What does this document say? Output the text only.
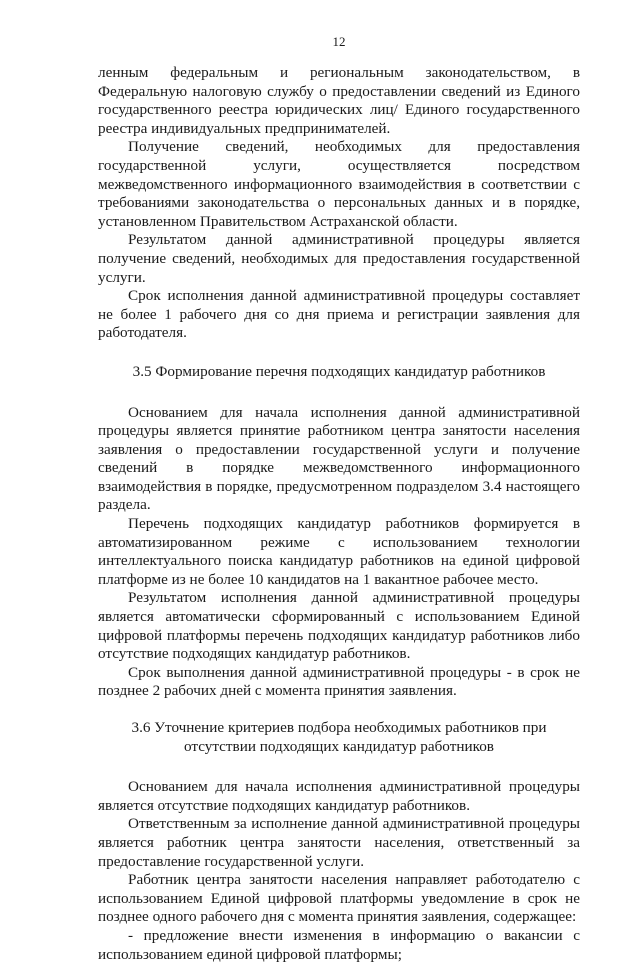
12

ленным федеральным и региональным законодательством, в Федеральную налоговую службу о предоставлении сведений из Единого государственного реестра юридических лиц/ Единого государственного реестра индивидуальных предпринимателей.

Получение сведений, необходимых для предоставления государственной услуги, осуществляется посредством межведомственного информационного взаимодействия в соответствии с требованиями законодательства о персональных данных и в порядке, установленном Правительством Астраханской области.

Результатом данной административной процедуры является получение сведений, необходимых для предоставления государственной услуги.

Срок исполнения данной административной процедуры составляет не более 1 рабочего дня со дня приема и регистрации заявления для работодателя.

3.5 Формирование перечня подходящих кандидатур работников

Основанием для начала исполнения данной административной процедуры является принятие работником центра занятости населения заявления о предоставлении государственной услуги и получение сведений в порядке межведомственного информационного взаимодействия в порядке, предусмотренном подразделом 3.4 настоящего раздела.

Перечень подходящих кандидатур работников формируется в автоматизированном режиме с использованием технологии интеллектуального поиска кандидатур работников на единой цифровой платформе из не более 10 кандидатов на 1 вакантное рабочее место.

Результатом исполнения данной административной процедуры является автоматически сформированный с использованием Единой цифровой платформы перечень подходящих кандидатур работников либо отсутствие подходящих кандидатур работников.

Срок выполнения данной административной процедуры - в срок не позднее 2 рабочих дней с момента принятия заявления.

3.6 Уточнение критериев подбора необходимых работников при отсутствии подходящих кандидатур работников

Основанием для начала исполнения административной процедуры является отсутствие подходящих кандидатур работников.

Ответственным за исполнение данной административной процедуры является работник центра занятости населения, ответственный за предоставление государственной услуги.

Работник центра занятости населения направляет работодателю с использованием Единой цифровой платформы уведомление в срок не позднее одного рабочего дня с момента принятия заявления, содержащее:

- предложение внести изменения в информацию о вакансии с использованием единой цифровой платформы;
